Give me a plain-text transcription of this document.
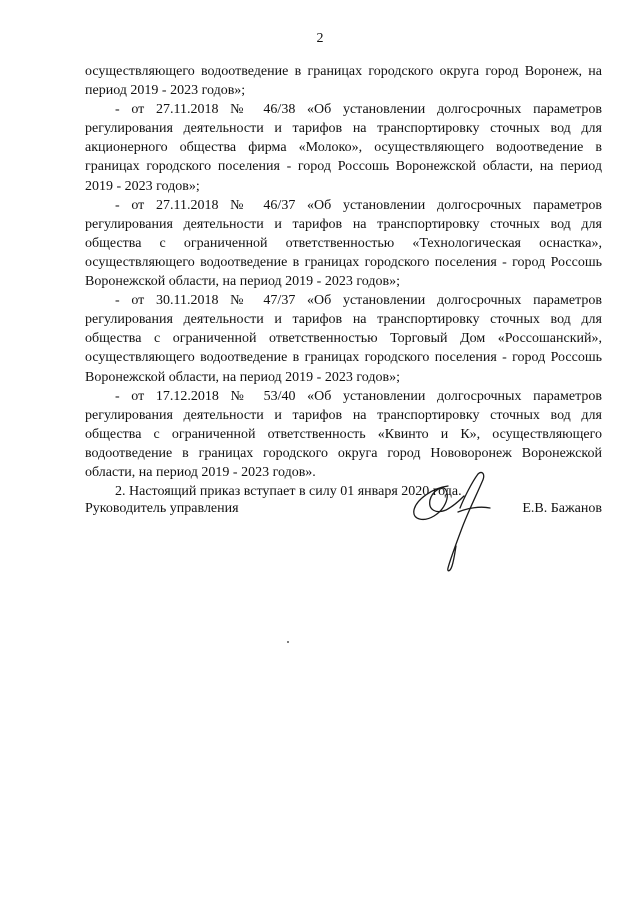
2

осуществляющего водоотведение в границах городского округа город Воронеж, на период 2019 - 2023 годов»;

- от 27.11.2018 № 46/38 «Об установлении долгосрочных параметров регулирования деятельности и тарифов на транспортировку сточных вод для акционерного общества фирма «Молоко», осуществляющего водоотведение в границах городского поселения - город Россошь Воронежской области, на период 2019 - 2023 годов»;

- от 27.11.2018 № 46/37 «Об установлении долгосрочных параметров регулирования деятельности и тарифов на транспортировку сточных вод для общества с ограниченной ответственностью «Технологическая оснастка», осуществляющего водоотведение в границах городского поселения - город Россошь Воронежской области, на период 2019 - 2023 годов»;

- от 30.11.2018 № 47/37 «Об установлении долгосрочных параметров регулирования деятельности и тарифов на транспортировку сточных вод для общества с ограниченной ответственностью Торговый Дом «Россошанский», осуществляющего водоотведение в границах городского поселения - город Россошь Воронежской области, на период 2019 - 2023 годов»;

- от 17.12.2018 № 53/40 «Об установлении долгосрочных параметров регулирования деятельности и тарифов на транспортировку сточных вод для общества с ограниченной ответственность «Квинто и К», осуществляющего водоотведение в границах городского округа город Нововоронеж Воронежской области, на период 2019 - 2023 годов».

2. Настоящий приказ вступает в силу 01 января 2020 года.

Руководитель управления	Е.В. Бажанов
